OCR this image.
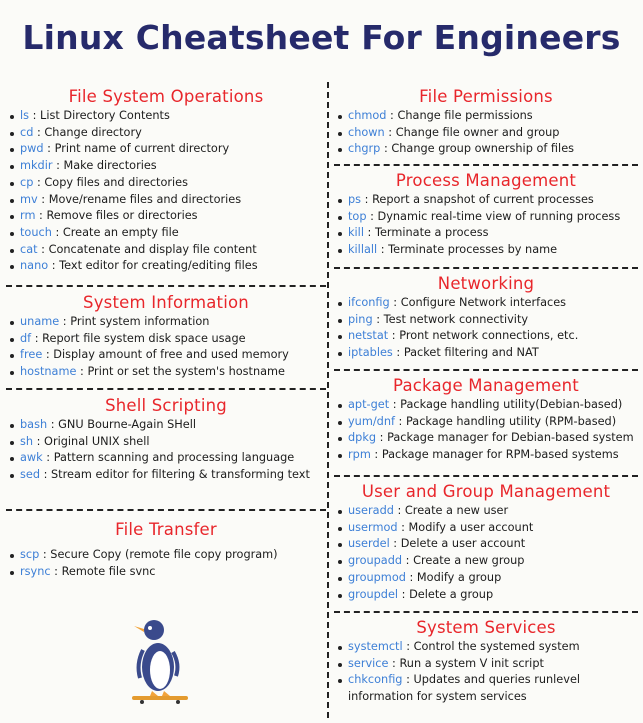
Linux Cheatsheet For Engineers
File System Operations
ls : List Directory Contents
cd : Change directory
pwd : Print name of current directory
mkdir : Make directories
cp : Copy files and directories
mv : Move/rename files and directories
rm : Remove files or directories
touch : Create an empty file
cat : Concatenate and display file content
nano : Text editor for creating/editing files
System Information
uname : Print system information
df : Report file system disk space usage
free : Display amount of free and used memory
hostname : Print or set the system's hostname
Shell Scripting
bash : GNU Bourne-Again SHell
sh : Original UNIX shell
awk : Pattern scanning and processing language
sed : Stream editor for filtering & transforming text
File Transfer
scp : Secure Copy (remote file copy program)
rsync : Remote file svnc
File Permissions
chmod : Change file permissions
chown : Change file owner and group
chgrp : Change group ownership of files
Process Management
ps : Report a snapshot of current processes
top : Dynamic real-time view of running process
kill : Terminate a process
killall : Terminate processes by name
Networking
ifconfig : Configure Network interfaces
ping : Test network connectivity
netstat : Pront network connections, etc.
iptables : Packet filtering and NAT
Package Management
apt-get : Package handling utility(Debian-based)
yum/dnf : Package handling utility (RPM-based)
dpkg : Package manager for Debian-based system
rpm : Package manager for RPM-based systems
User and Group Management
useradd : Create a new user
usermod : Modify a user account
userdel : Delete a user account
groupadd : Create a new group
groupmod : Modify a group
groupdel : Delete a group
System Services
systemctl : Control the systemed system
service : Run a system V init script
chkconfig : Updates and queries runlevel information for system services
